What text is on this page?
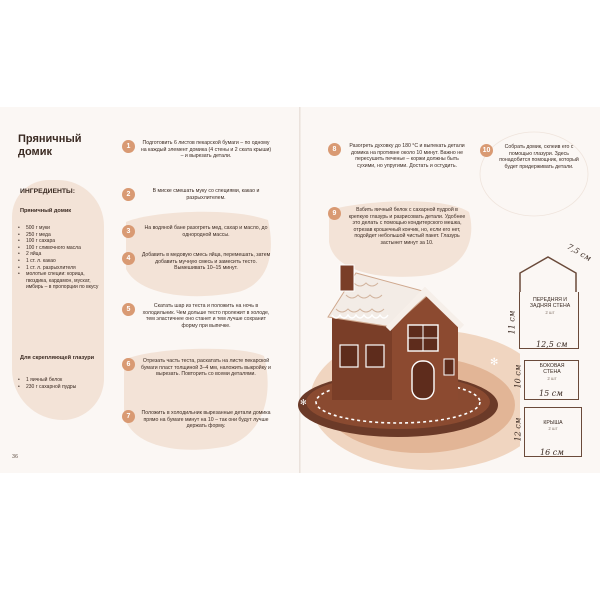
Пряничный домик
ИНГРЕДИЕНТЫ:
Пряничный домик
•	500 г муки
•	250 г меда
•	100 г сахара
•	100 г сливочного масла
•	2 яйца
•	1 ст. л. какао
•	1 ст. л. разрыхлителя
•	молотые специи: корица, гвоздика, кардамон, мускат, имбирь – в пропорции по вкусу
Для скрепляющей глазури
•	1 яичный белок
•	230 г сахарной пудры
36
1	Подготовить 6 листов пекарской бумаги – по одному на каждый элемент домика (4 стены и 2 ската крыши) – и вырезать детали.
2	В миске смешать муку со специями, какао и разрыхлителем.
3	На водяной бане разогреть мед, сахар и масло, до однородной массы.
4	Добавить в медовую смесь яйца, перемешать, затем добавить мучную смесь и замесить тесто. Вымешивать 10–15 минут.
5	Скатать шар из теста и положить на ночь в холодильник. Чем дольше тесто пролежит в холоде, тем эластичнее оно станет и тем лучше сохранит форму при выпечке.
6	Отрезать часть теста, раскатать на листе пекарской бумаги пласт толщиной 3–4 мм, наложить выкройку и вырезать. Повторить со всеми деталями.
7	Положить в холодильник вырезанные детали домика прямо на бумаге минут на 10 – так они будут лучше держать форму.
8	Разогреть духовку до 180 °С и выпекать детали домика на противне около 10 минут. Важно не пересушить печенье – коржи должны быть сухими, но упругими. Достать и остудить.
9	Взбить яичный белок с сахарной пудрой в крепкую глазурь и разрисовать детали. Удобнее это делать с помощью кондитерского мешка, отрезав крошечный кончик, но, если его нет, подойдет небольшой чистый пакет. Глазурь застынет минут за 10.
10	Собрать домик, склеив его с помощью глазури. Здесь понадобится помощник, который будет придерживать детали.
✻
✻
ПЕРЕДНЯЯ И ЗАДНЯЯ СТЕНА
2 шт
7,5 см
11 см
12,5 см
БОКОВАЯ СТЕНА
2 шт
10 см
15 см
КРЫША
2 шт
12 см
16 см
